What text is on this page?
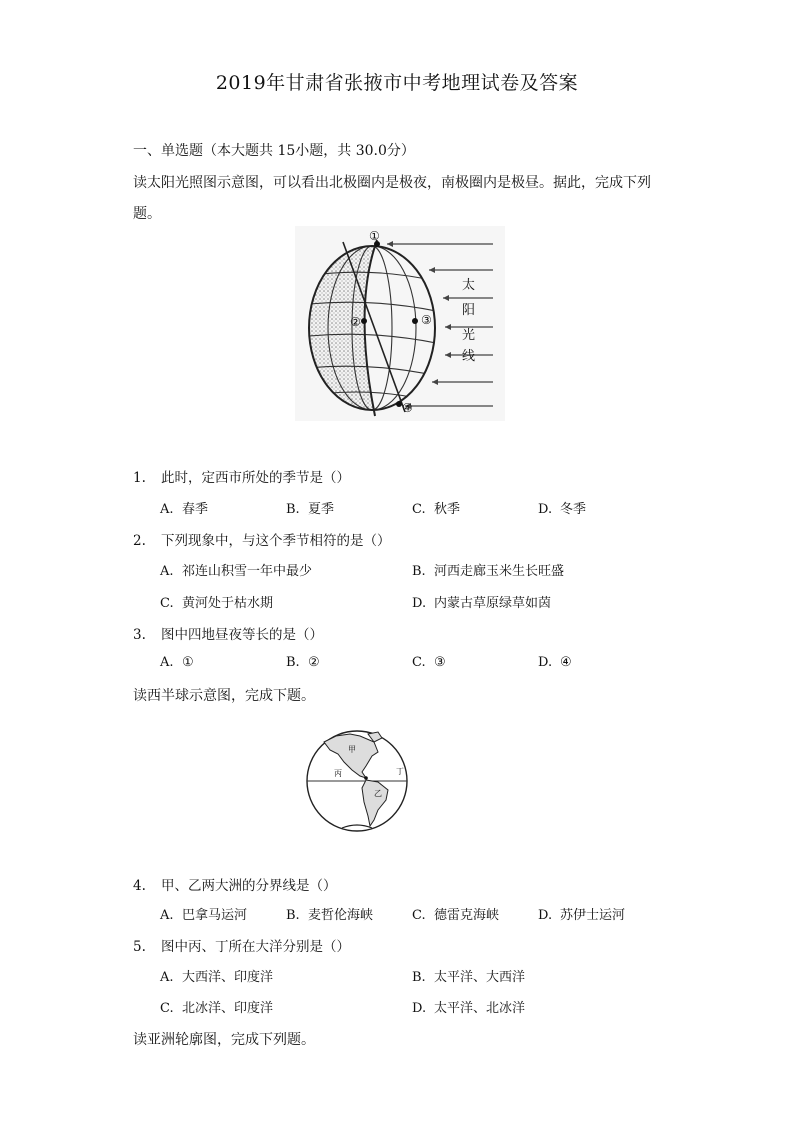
2019年甘肃省张掖市中考地理试卷及答案
一、单选题（本大题共 15小题，共 30.0分）
读太阳光照图示意图，可以看出北极圈内是极夜，南极圈内是极昼。据此，完成下列
题。
①
②	③
④
太
阳
光
线
1. 此时，定西市所处的季节是（）
A. 春季	B. 夏季	C. 秋季	D. 冬季
2. 下列现象中，与这个季节相符的是（）
A. 祁连山积雪一年中最少	B. 河西走廊玉米生长旺盛
C. 黄河处于枯水期	D. 内蒙古草原绿草如茵
3. 图中四地昼夜等长的是（）
A. ①	B. ②	C. ③	D. ④
读西半球示意图，完成下题。
甲
乙
丙	丁
4. 甲、乙两大洲的分界线是（）
A. 巴拿马运河	B. 麦哲伦海峡	C. 德雷克海峡	D. 苏伊士运河
5. 图中丙、丁所在大洋分别是（）
A. 大西洋、印度洋	B. 太平洋、大西洋
C. 北冰洋、印度洋	D. 太平洋、北冰洋
读亚洲轮廓图，完成下列题。
